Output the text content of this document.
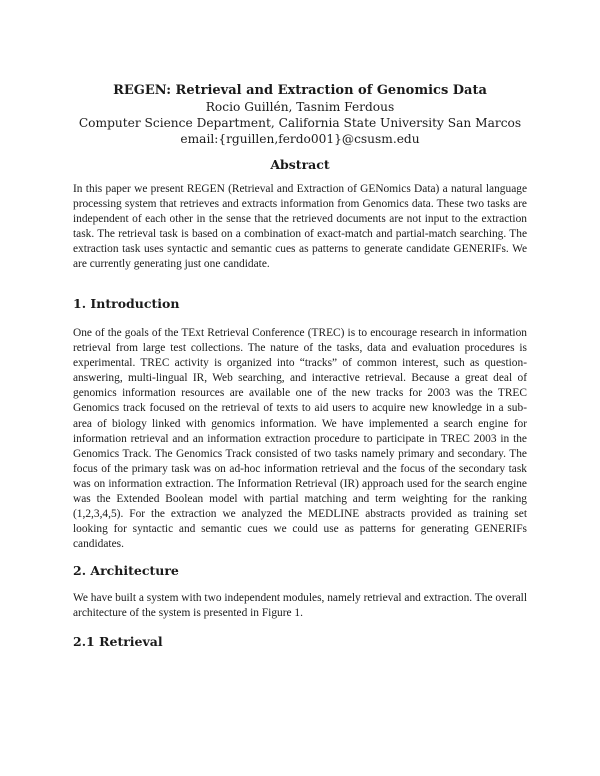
REGEN: Retrieval and Extraction of Genomics Data
Rocio Guillén, Tasnim Ferdous
Computer Science Department, California State University San Marcos
email:{rguillen,ferdo001}@csusm.edu
Abstract
In this paper we present REGEN (Retrieval and Extraction of GENomics Data) a natural language processing system that retrieves and extracts information from Genomics data. These two tasks are independent of each other in the sense that the retrieved documents are not input to the extraction task. The retrieval task is based on a combination of exact-match and partial-match searching. The extraction task uses syntactic and semantic cues as patterns to generate candidate GENERIFs. We are currently generating just one candidate.
1. Introduction
One of the goals of the TExt Retrieval Conference (TREC) is to encourage research in information retrieval from large test collections. The nature of the tasks, data and evaluation procedures is experimental. TREC activity is organized into “tracks” of common interest, such as question-answering, multi-lingual IR, Web searching, and interactive retrieval. Because a great deal of genomics information resources are available one of the new tracks for 2003 was the TREC Genomics track focused on the retrieval of texts to aid users to acquire new knowledge in a sub-area of biology linked with genomics information. We have implemented a search engine for information retrieval and an information extraction procedure to participate in TREC 2003 in the Genomics Track. The Genomics Track consisted of two tasks namely primary and secondary. The focus of the primary task was on ad-hoc information retrieval and the focus of the secondary task was on information extraction. The Information Retrieval (IR) approach used for the search engine was the Extended Boolean model with partial matching and term weighting for the ranking (1,2,3,4,5). For the extraction we analyzed the MEDLINE abstracts provided as training set looking for syntactic and semantic cues we could use as patterns for generating GENERIFs candidates.
2. Architecture
We have built a system with two independent modules, namely retrieval and extraction. The overall architecture of the system is presented in Figure 1.
2.1 Retrieval
